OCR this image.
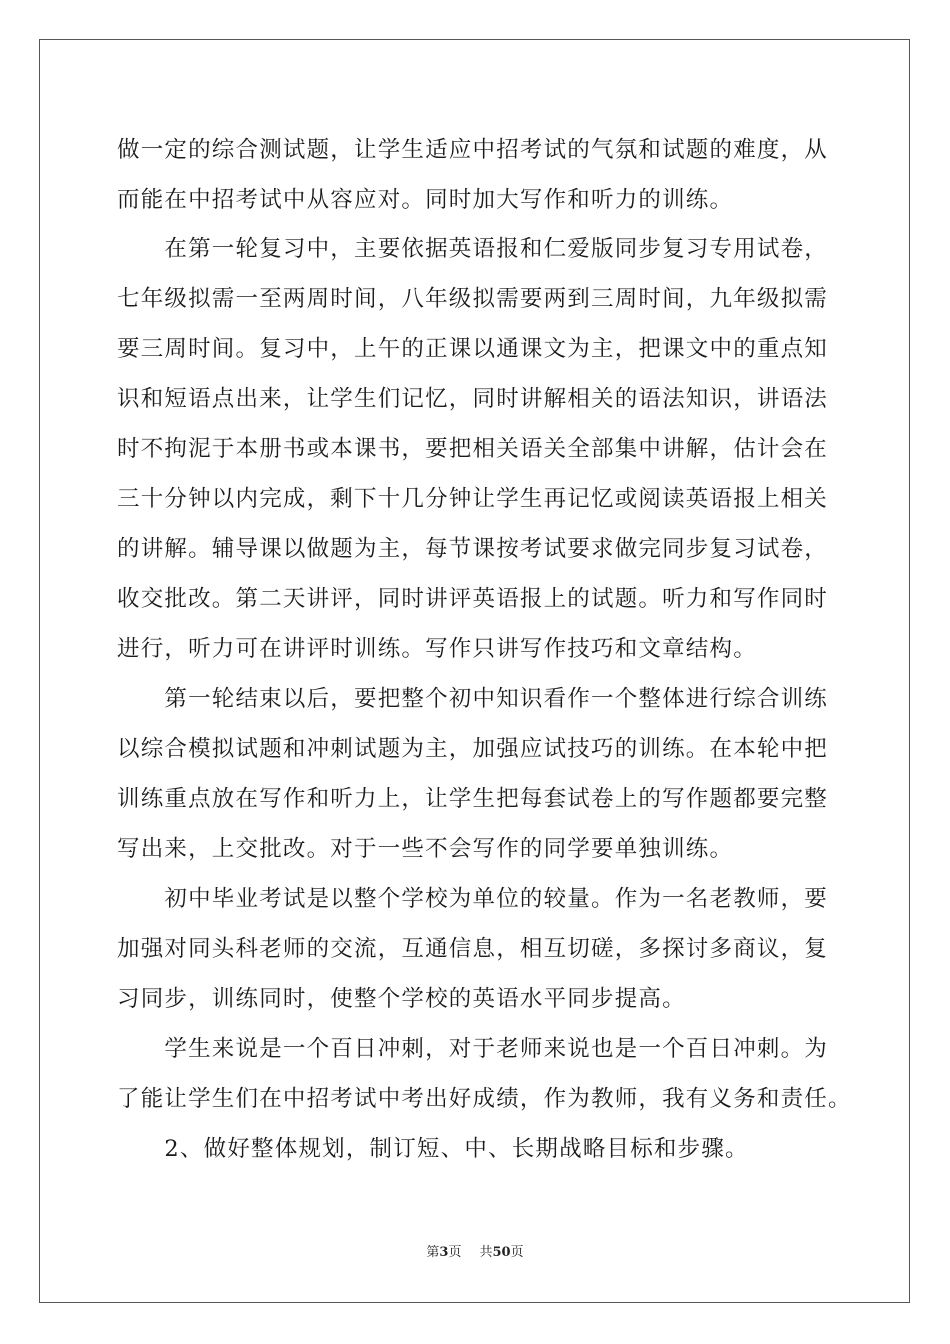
做一定的综合测试题，让学生适应中招考试的气氛和试题的难度，从
而能在中招考试中从容应对。同时加大写作和听力的训练。
　　在第一轮复习中，主要依据英语报和仁爱版同步复习专用试卷，
七年级拟需一至两周时间，八年级拟需要两到三周时间，九年级拟需
要三周时间。复习中，上午的正课以通课文为主，把课文中的重点知
识和短语点出来，让学生们记忆，同时讲解相关的语法知识，讲语法
时不拘泥于本册书或本课书，要把相关语关全部集中讲解，估计会在
三十分钟以内完成，剩下十几分钟让学生再记忆或阅读英语报上相关
的讲解。辅导课以做题为主，每节课按考试要求做完同步复习试卷，
收交批改。第二天讲评，同时讲评英语报上的试题。听力和写作同时
进行，听力可在讲评时训练。写作只讲写作技巧和文章结构。
　　第一轮结束以后，要把整个初中知识看作一个整体进行综合训练
以综合模拟试题和冲刺试题为主，加强应试技巧的训练。在本轮中把
训练重点放在写作和听力上，让学生把每套试卷上的写作题都要完整
写出来，上交批改。对于一些不会写作的同学要单独训练。
　　初中毕业考试是以整个学校为单位的较量。作为一名老教师，要
加强对同头科老师的交流，互通信息，相互切磋，多探讨多商议，复
习同步，训练同时，使整个学校的英语水平同步提高。
　　学生来说是一个百日冲刺，对于老师来说也是一个百日冲刺。为
了能让学生们在中招考试中考出好成绩，作为教师，我有义务和责任。
　　2、做好整体规划，制订短、中、长期战略目标和步骤。
第3页 共50页
